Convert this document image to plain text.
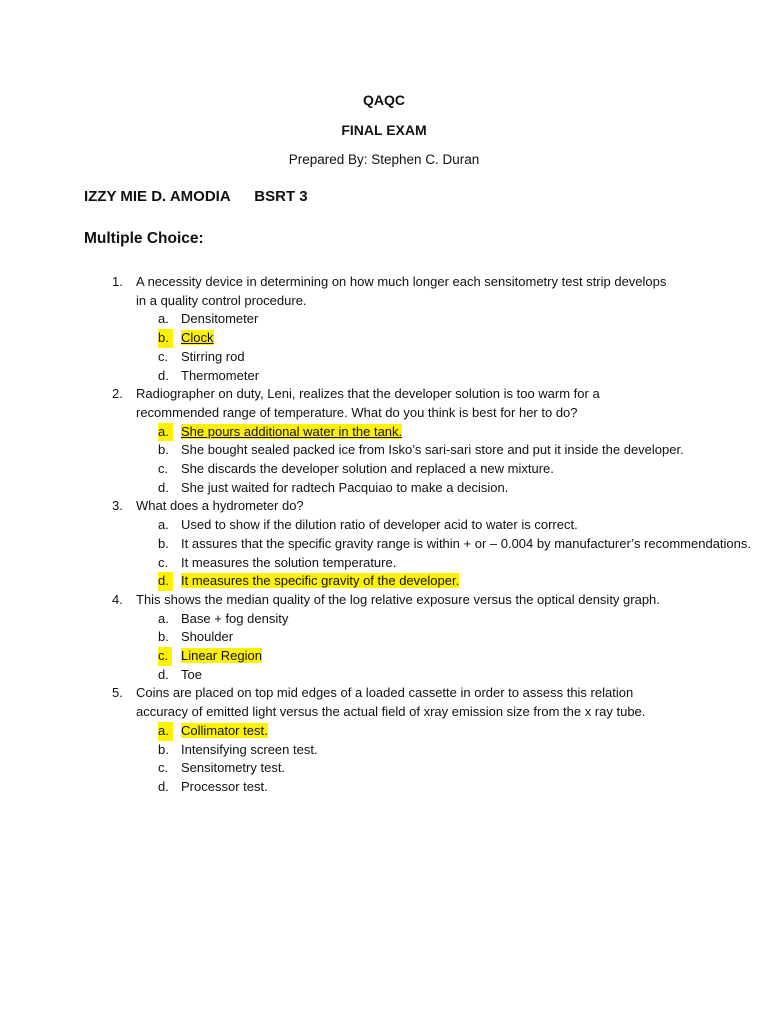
QAQC
FINAL EXAM
Prepared By: Stephen C. Duran
IZZY MIE D. AMODIA BSRT 3
Multiple Choice:
1. A necessity device in determining on how much longer each sensitometry test strip develops in a quality control procedure.
a. Densitometer
b. Clock
c. Stirring rod
d. Thermometer
2. Radiographer on duty, Leni, realizes that the developer solution is too warm for a recommended range of temperature. What do you think is best for her to do?
a. She pours additional water in the tank.
b. She bought sealed packed ice from Isko’s sari-sari store and put it inside the developer.
c. She discards the developer solution and replaced a new mixture.
d. She just waited for radtech Pacquiao to make a decision.
3. What does a hydrometer do?
a. Used to show if the dilution ratio of developer acid to water is correct.
b. It assures that the specific gravity range is within + or – 0.004 by manufacturer’s recommendations.
c. It measures the solution temperature.
d. It measures the specific gravity of the developer.
4. This shows the median quality of the log relative exposure versus the optical density graph.
a. Base + fog density
b. Shoulder
c. Linear Region
d. Toe
5. Coins are placed on top mid edges of a loaded cassette in order to assess this relation accuracy of emitted light versus the actual field of xray emission size from the x ray tube.
a. Collimator test.
b. Intensifying screen test.
c. Sensitometry test.
d. Processor test.
